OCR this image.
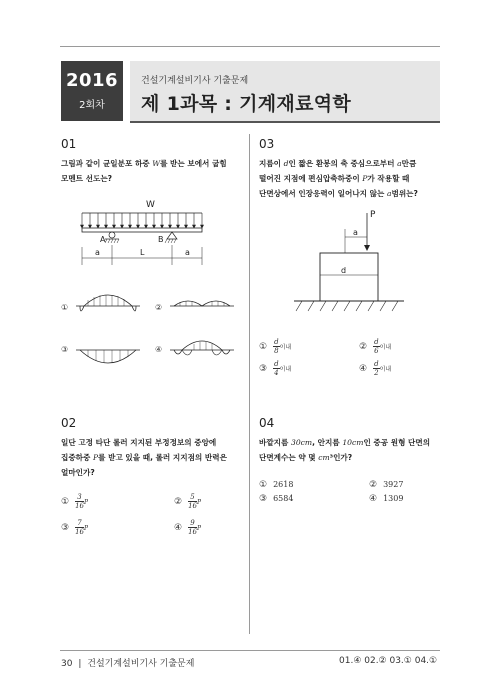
2016
2회차
건설기계설비기사 기출문제
제 1과목 : 기계재료역학
01
그림과 같이 균일분포 하중 W를 받는 보에서 굽힘
모멘트 선도는?
W
A	B
a	L	a
①	②
③	④
03
지름이 d인 짧은 환봉의 축 중심으로부터 a만큼
떨어진 지점에 편심압축하중이 P가 작용할 때
단면상에서 인장응력이 일어나지 않는 a범위는?
P
a
d
① $\frac{d}{8}$ 이내	② $\frac{d}{6}$ 이내
③ $\frac{d}{4}$ 이내	④ $\frac{d}{2}$ 이내
02
일단 고정 타단 롤러 지지된 부정정보의 중앙에
집중하중 P를 받고 있을 때, 롤러 지지점의 반력은
얼마인가?
① $\frac{3}{16}$ P	② $\frac{5}{16}$ P
③ $\frac{7}{16}$ P	④ $\frac{9}{16}$ P
04
바깥지름 30cm, 안지름 10cm인 중공 원형 단면의
단면계수는 약 몇 cm³인가?
① 2618	② 3927
③ 6584	④ 1309
30 | 건설기계설비기사 기출문제	01.④ 02.② 03.① 04.①
